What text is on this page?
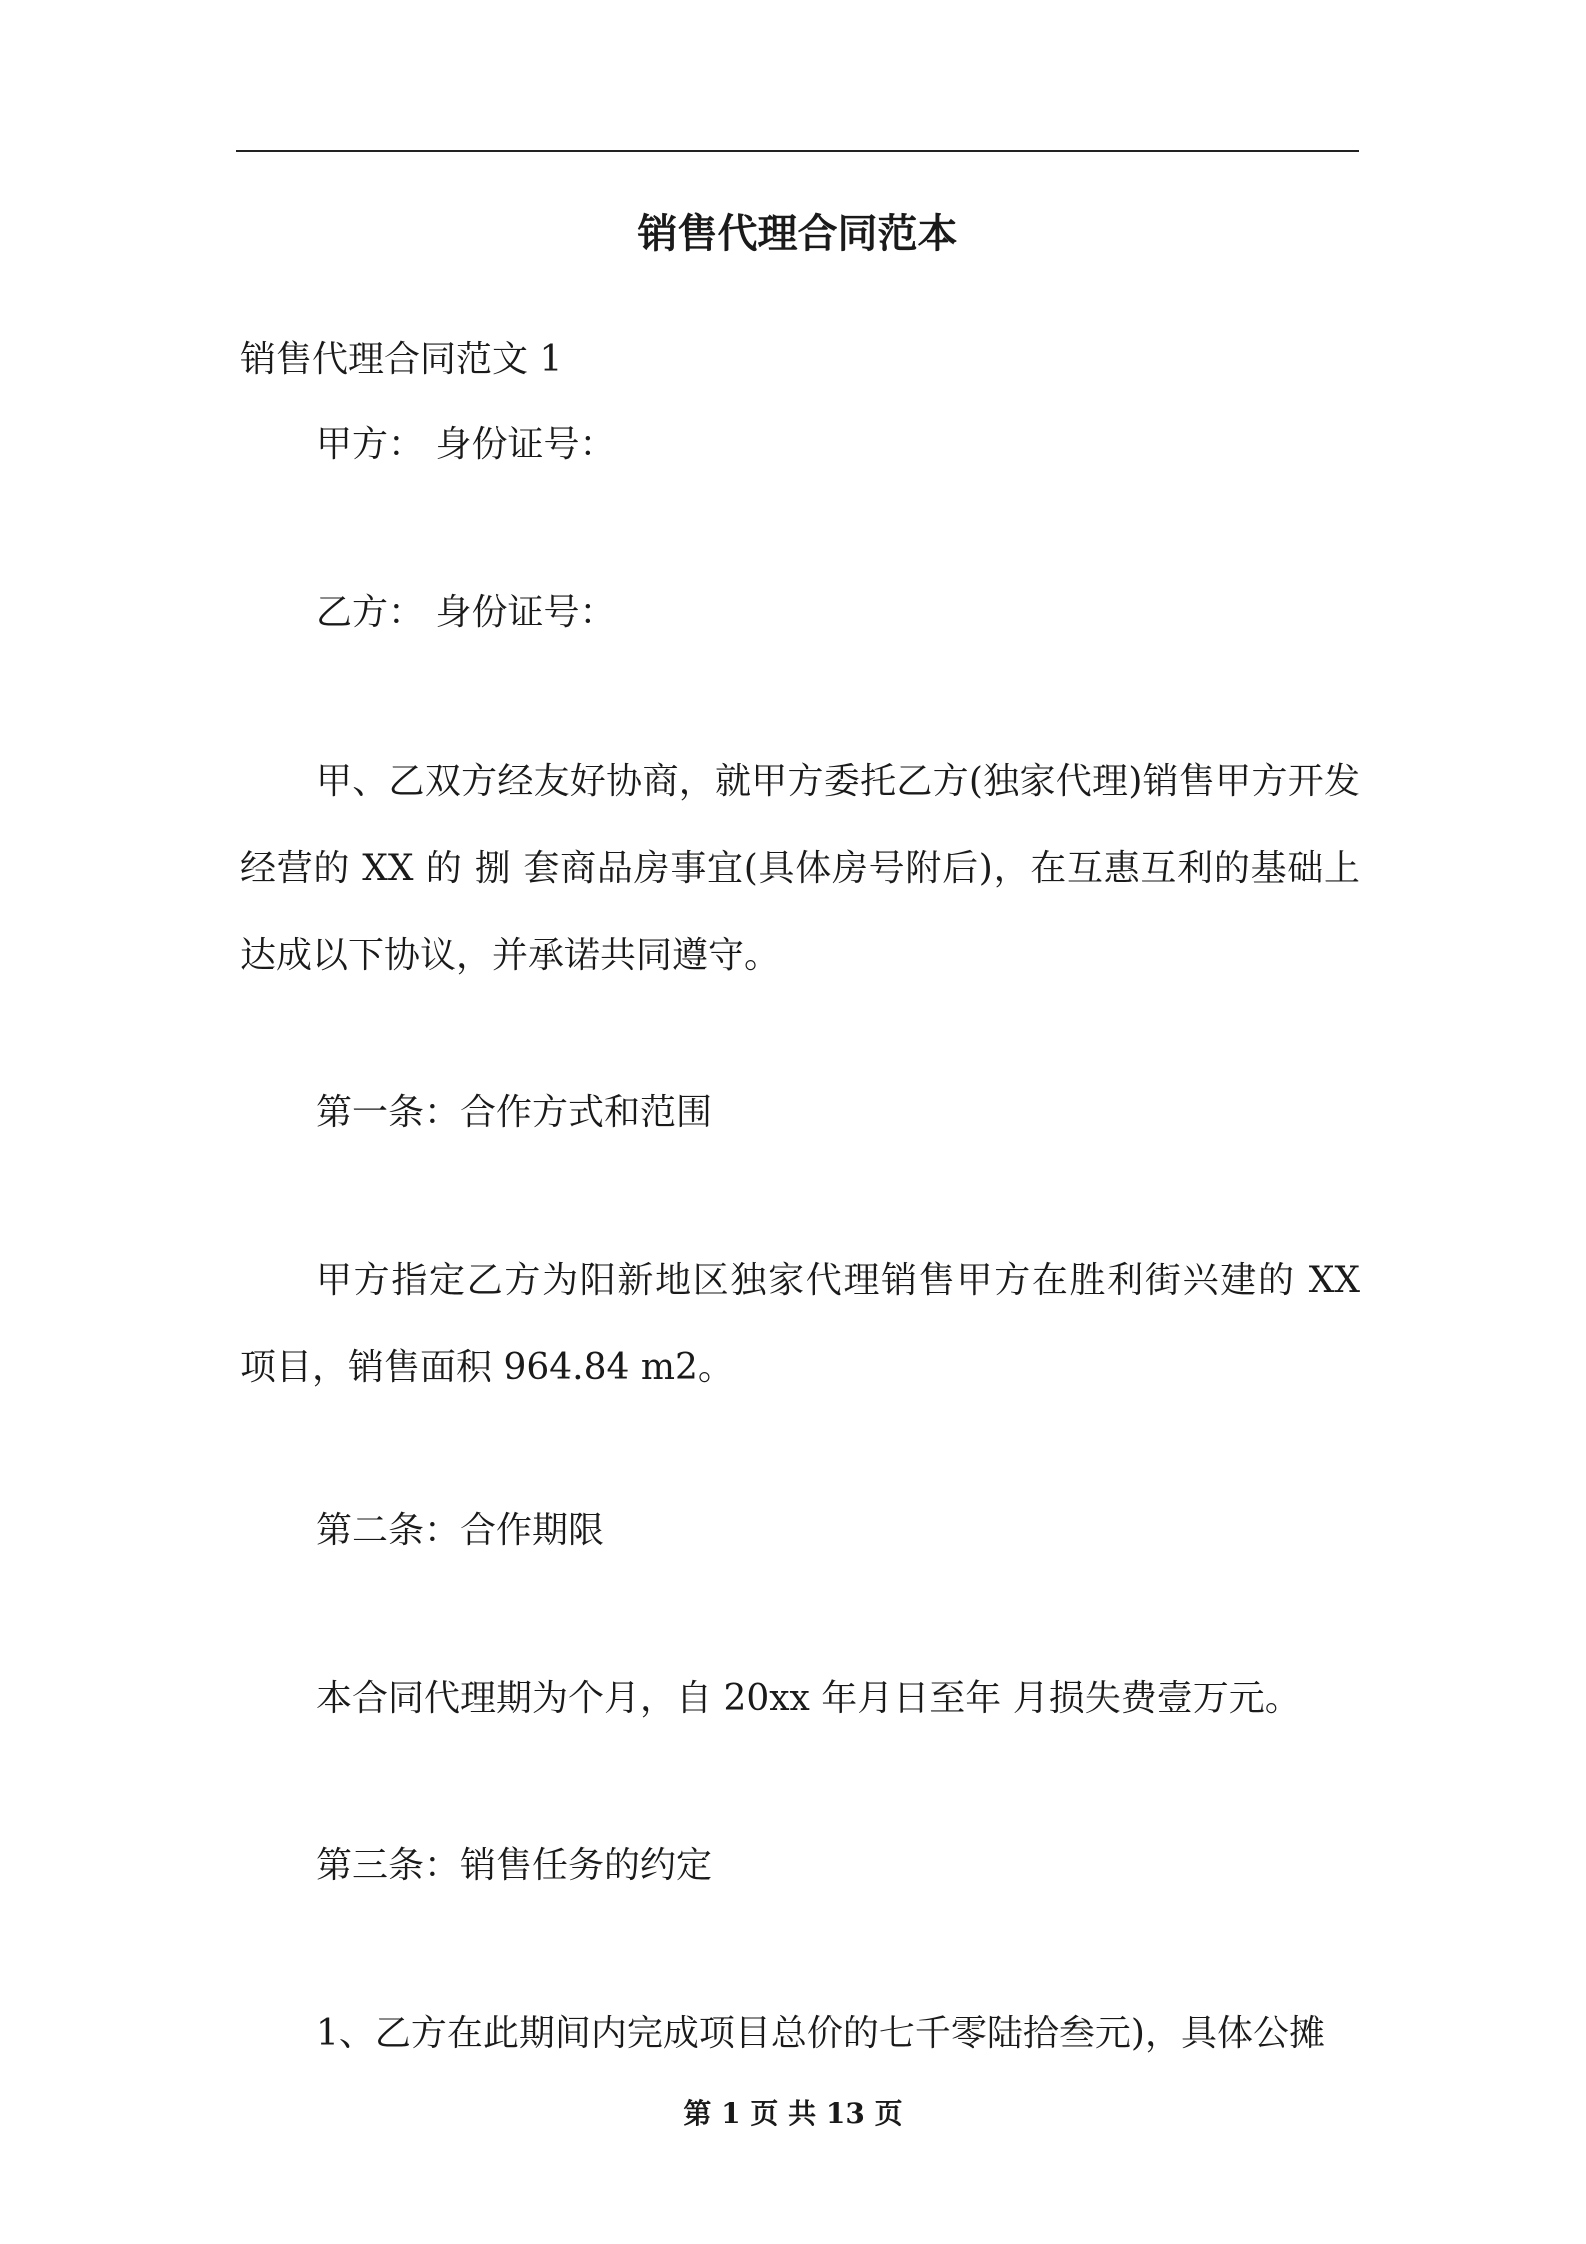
销售代理合同范本

销售代理合同范文 1

甲方： 身份证号：

乙方： 身份证号：

甲、乙双方经友好协商，就甲方委托乙方(独家代理)销售甲方开发经营的 XX 的 捌 套商品房事宜(具体房号附后)，在互惠互利的基础上达成以下协议，并承诺共同遵守。

第一条：合作方式和范围

甲方指定乙方为阳新地区独家代理销售甲方在胜利街兴建的 XX 项目，销售面积 964.84 m2。

第二条：合作期限

本合同代理期为个月，自 20xx 年月日至年 月损失费壹万元。

第三条：销售任务的约定

1、乙方在此期间内完成项目总价的七千零陆拾叁元)，具体公摊

第 1 页 共 13 页
